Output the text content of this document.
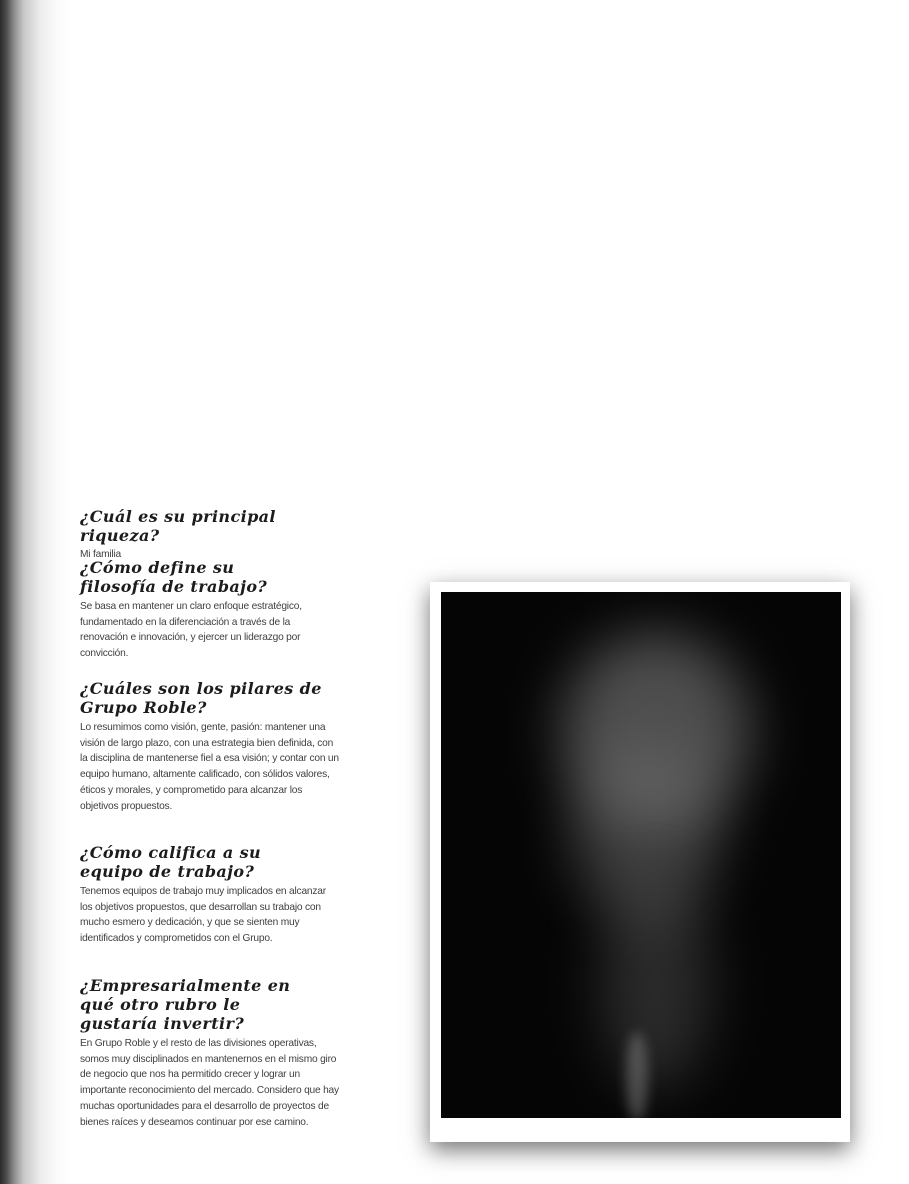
¿Cuál es su principal riqueza?

Mi familia

¿Cómo define su filosofía de trabajo?

Se basa en mantener un claro enfoque estratégico, fundamentado en la diferenciación a través de la renovación e innovación, y ejercer un liderazgo por convicción.

¿Cuáles son los pilares de Grupo Roble?

Lo resumimos como visión, gente, pasión: mantener una visión de largo plazo, con una estrategia bien definida, con la disciplina de mantenerse fiel a esa visión; y contar con un equipo humano, altamente calificado, con sólidos valores, éticos y morales, y comprometido para alcanzar los objetivos propuestos.

¿Cómo califica a su equipo de trabajo?

Tenemos equipos de trabajo muy implicados en alcanzar los objetivos propuestos, que desarrollan su trabajo con mucho esmero y dedicación, y que se sienten muy identificados y comprometidos con el Grupo.

¿Empresarialmente en qué otro rubro le gustaría invertir?

En Grupo Roble y el resto de las divisiones operativas, somos muy disciplinados en mantenernos en el mismo giro de negocio que nos ha permitido crecer y lograr un importante reconocimiento del mercado. Considero que hay muchas oportunidades para el desarrollo de proyectos de bienes raíces y deseamos continuar por ese camino.
